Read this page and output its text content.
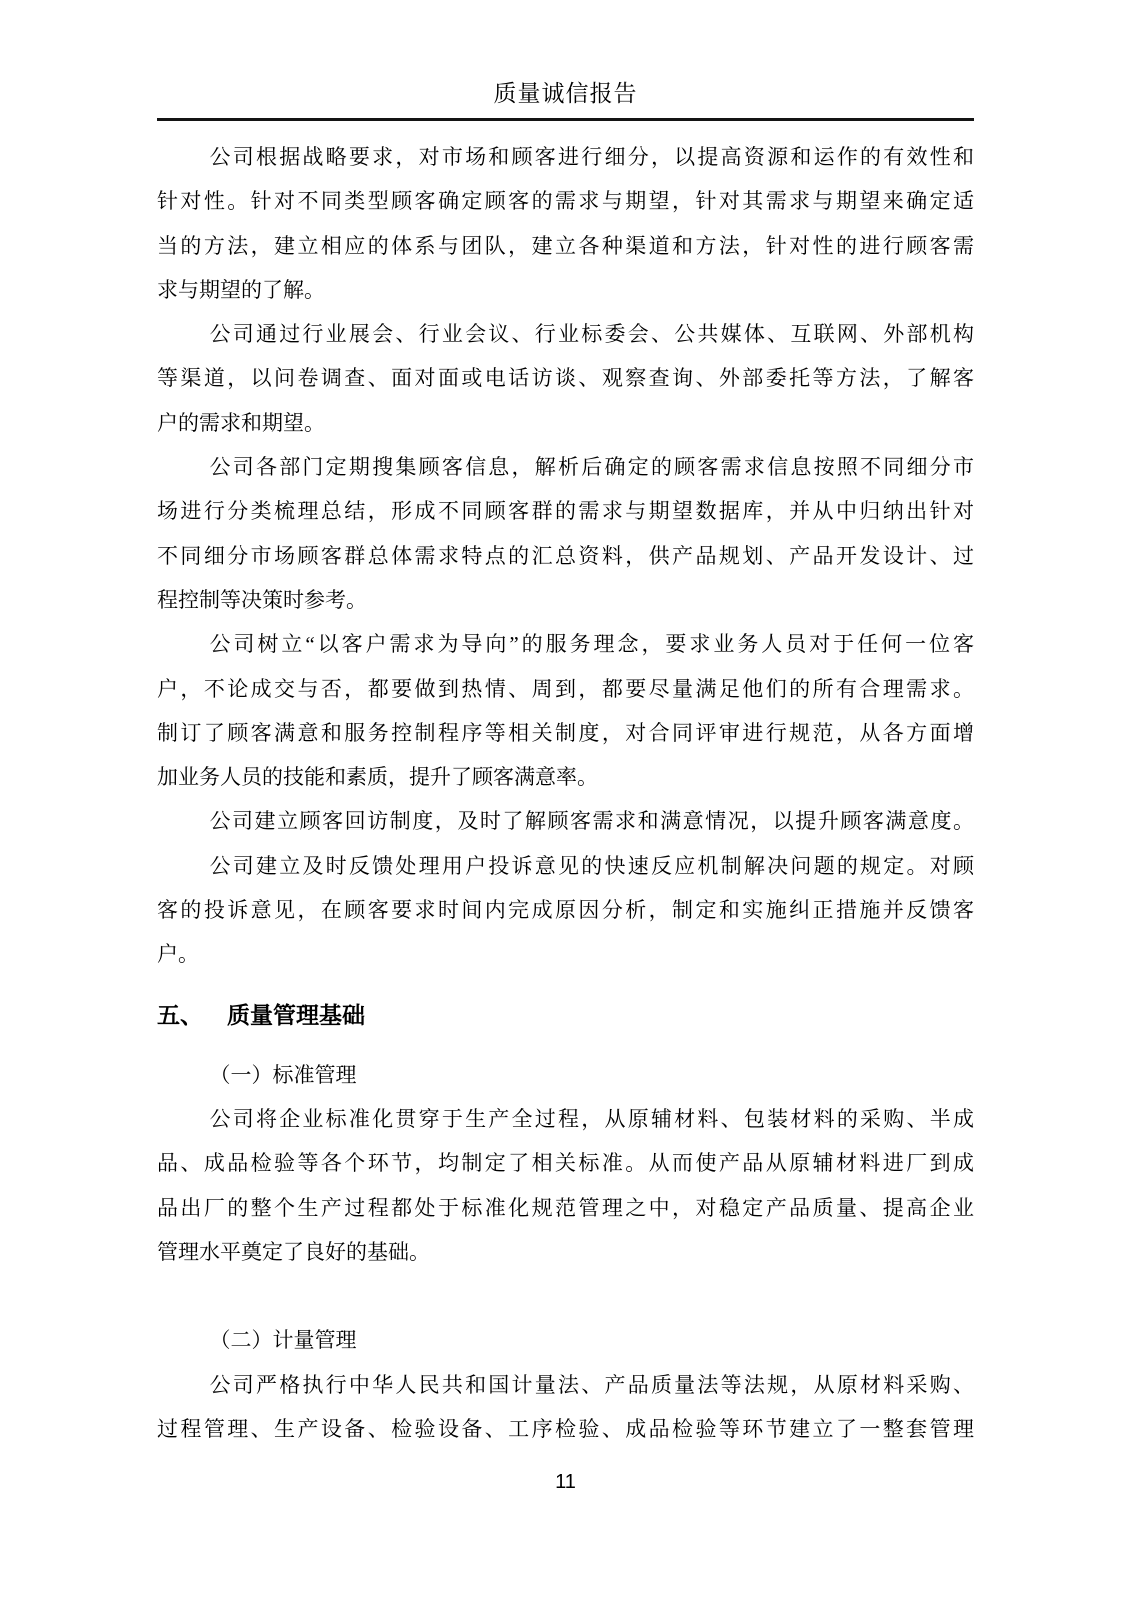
质量诚信报告
公司根据战略要求，对市场和顾客进行细分，以提高资源和运作的有效性和
针对性。针对不同类型顾客确定顾客的需求与期望，针对其需求与期望来确定适
当的方法，建立相应的体系与团队，建立各种渠道和方法，针对性的进行顾客需
求与期望的了解。
公司通过行业展会、行业会议、行业标委会、公共媒体、互联网、外部机构
等渠道，以问卷调查、面对面或电话访谈、观察查询、外部委托等方法，了解客
户的需求和期望。
公司各部门定期搜集顾客信息，解析后确定的顾客需求信息按照不同细分市
场进行分类梳理总结，形成不同顾客群的需求与期望数据库，并从中归纳出针对
不同细分市场顾客群总体需求特点的汇总资料，供产品规划、产品开发设计、过
程控制等决策时参考。
公司树立“以客户需求为导向”的服务理念，要求业务人员对于任何一位客
户，不论成交与否，都要做到热情、周到，都要尽量满足他们的所有合理需求。
制订了顾客满意和服务控制程序等相关制度，对合同评审进行规范，从各方面增
加业务人员的技能和素质，提升了顾客满意率。
公司建立顾客回访制度，及时了解顾客需求和满意情况，以提升顾客满意度。
公司建立及时反馈处理用户投诉意见的快速反应机制解决问题的规定。对顾
客的投诉意见，在顾客要求时间内完成原因分析，制定和实施纠正措施并反馈客
户。
五、 质量管理基础
（一）标准管理
公司将企业标准化贯穿于生产全过程，从原辅材料、包装材料的采购、半成
品、成品检验等各个环节，均制定了相关标准。从而使产品从原辅材料进厂到成
品出厂的整个生产过程都处于标准化规范管理之中，对稳定产品质量、提高企业
管理水平奠定了良好的基础。
（二）计量管理
公司严格执行中华人民共和国计量法、产品质量法等法规，从原材料采购、
过程管理、生产设备、检验设备、工序检验、成品检验等环节建立了一整套管理
11
